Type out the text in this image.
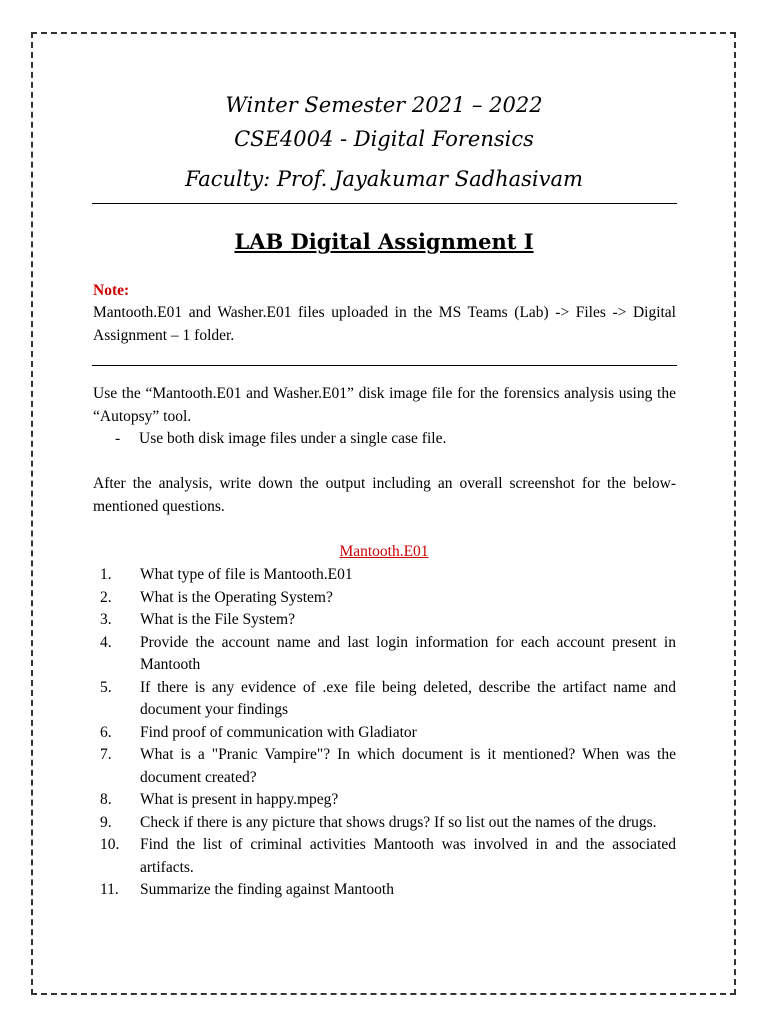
Winter Semester 2021 – 2022
CSE4004 - Digital Forensics
Faculty: Prof. Jayakumar Sadhasivam
LAB Digital Assignment I
Note:
Mantooth.E01 and Washer.E01 files uploaded in the MS Teams (Lab) -> Files -> Digital Assignment – 1 folder.
Use the “Mantooth.E01 and Washer.E01” disk image file for the forensics analysis using the “Autopsy” tool.
- Use both disk image files under a single case file.
After the analysis, write down the output including an overall screenshot for the below-mentioned questions.
Mantooth.E01
1.	What type of file is Mantooth.E01
2.	What is the Operating System?
3.	What is the File System?
4.	Provide the account name and last login information for each account present in Mantooth
5.	If there is any evidence of .exe file being deleted, describe the artifact name and document your findings
6.	Find proof of communication with Gladiator
7.	What is a "Pranic Vampire"? In which document is it mentioned? When was the document created?
8.	What is present in happy.mpeg?
9.	Check if there is any picture that shows drugs? If so list out the names of the drugs.
10.	Find the list of criminal activities Mantooth was involved in and the associated artifacts.
11.	Summarize the finding against Mantooth
